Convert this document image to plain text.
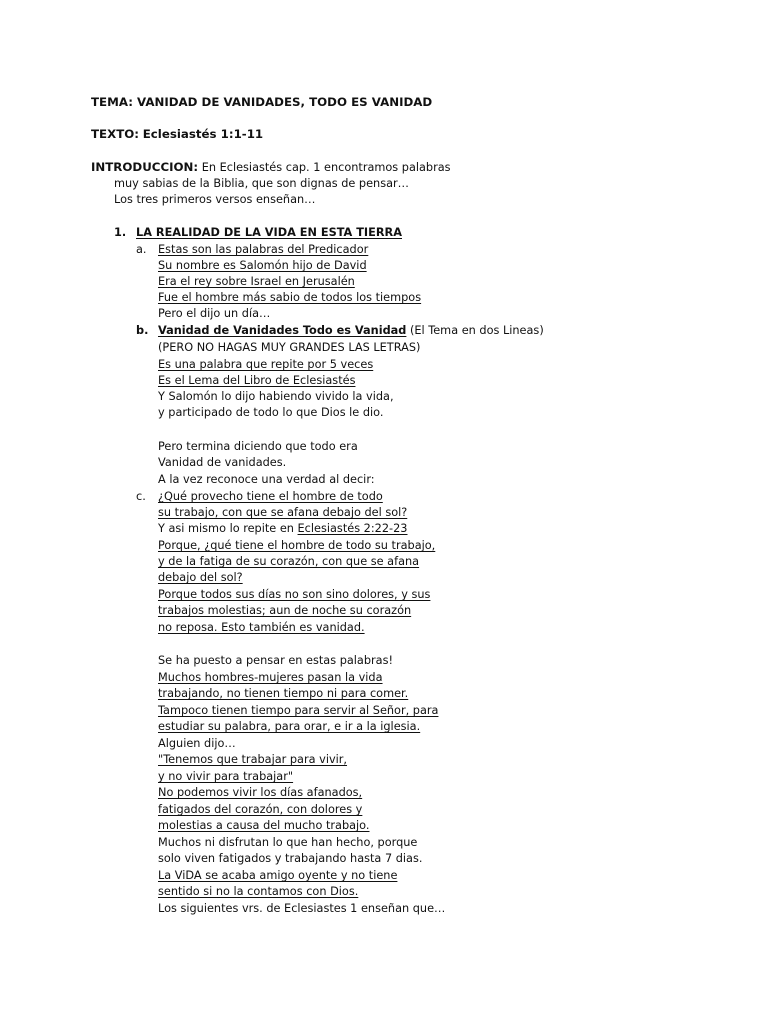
TEMA: VANIDAD DE VANIDADES, TODO ES VANIDAD
TEXTO: Eclesiastés 1:1-11
INTRODUCCION: En Eclesiastés cap. 1 encontramos palabras
muy sabias de la Biblia, que son dignas de pensar…
Los tres primeros versos enseñan…
1. LA REALIDAD DE LA VIDA EN ESTA TIERRA
a. Estas son las palabras del Predicador
Su nombre es Salomón hijo de David
Era el rey sobre Israel en Jerusalén
Fue el hombre más sabio de todos los tiempos
Pero el dijo un día…
b. Vanidad de Vanidades Todo es Vanidad (El Tema en dos Lineas)
(PERO NO HAGAS MUY GRANDES LAS LETRAS)
Es una palabra que repite por 5 veces
Es el Lema del Libro de Eclesiastés
Y Salomón lo dijo habiendo vivido la vida,
y participado de todo lo que Dios le dio.
Pero termina diciendo que todo era
Vanidad de vanidades.
A la vez reconoce una verdad al decir:
c. ¿Qué provecho tiene el hombre de todo
su trabajo, con que se afana debajo del sol?
Y asi mismo lo repite en Eclesiastés 2:22-23
Porque, ¿qué tiene el hombre de todo su trabajo,
y de la fatiga de su corazón, con que se afana
debajo del sol?
Porque todos sus días no son sino dolores, y sus
trabajos molestias; aun de noche su corazón
no reposa. Esto también es vanidad.
Se ha puesto a pensar en estas palabras!
Muchos hombres-mujeres pasan la vida
trabajando, no tienen tiempo ni para comer.
Tampoco tienen tiempo para servir al Señor, para
estudiar su palabra, para orar, e ir a la iglesia.
Alguien dijo…
"Tenemos que trabajar para vivir,
y no vivir para trabajar"
No podemos vivir los días afanados,
fatigados del corazón, con dolores y
molestias a causa del mucho trabajo.
Muchos ni disfrutan lo que han hecho, porque
solo viven fatigados y trabajando hasta 7 dias.
La ViDA se acaba amigo oyente y no tiene
sentido si no la contamos con Dios.
Los siguientes vrs. de Eclesiastes 1 enseñan que…
